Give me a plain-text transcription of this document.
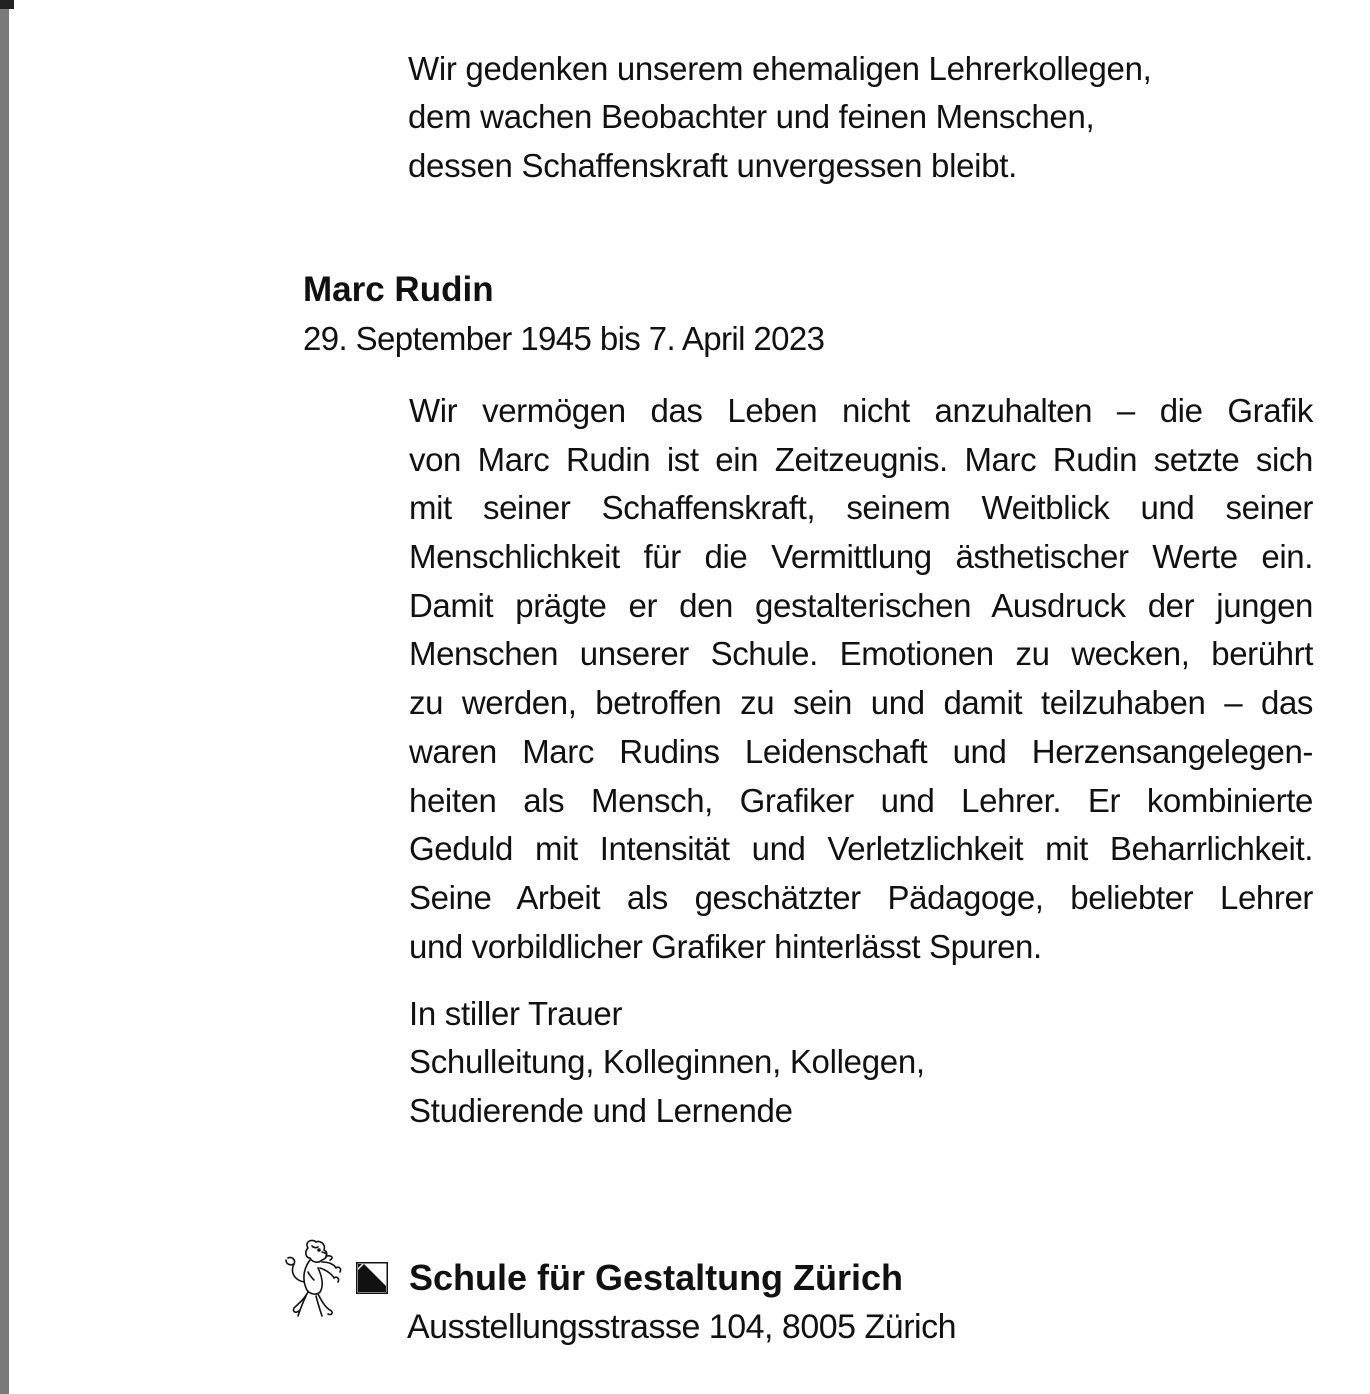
Wir gedenken unserem ehemaligen Lehrerkollegen,
dem wachen Beobachter und feinen Menschen,
dessen Schaffenskraft unvergessen bleibt.
Marc Rudin
29. September 1945 bis 7. April 2023
Wir vermögen das Leben nicht anzuhalten – die Grafik
von Marc Rudin ist ein Zeitzeugnis. Marc Rudin setzte sich
mit seiner Schaffenskraft, seinem Weitblick und seiner
Menschlichkeit für die Vermittlung ästhetischer Werte ein.
Damit prägte er den gestalterischen Ausdruck der jungen
Menschen unserer Schule. Emotionen zu wecken, berührt
zu werden, betroffen zu sein und damit teilzuhaben – das
waren Marc Rudins Leidenschaft und Herzensangelegen-
heiten als Mensch, Grafiker und Lehrer. Er kombinierte
Geduld mit Intensität und Verletzlichkeit mit Beharrlichkeit.
Seine Arbeit als geschätzter Pädagoge, beliebter Lehrer
und vorbildlicher Grafiker hinterlässt Spuren.
In stiller Trauer
Schulleitung, Kolleginnen, Kollegen,
Studierende und Lernende
Schule für Gestaltung Zürich
Ausstellungsstrasse 104, 8005 Zürich
